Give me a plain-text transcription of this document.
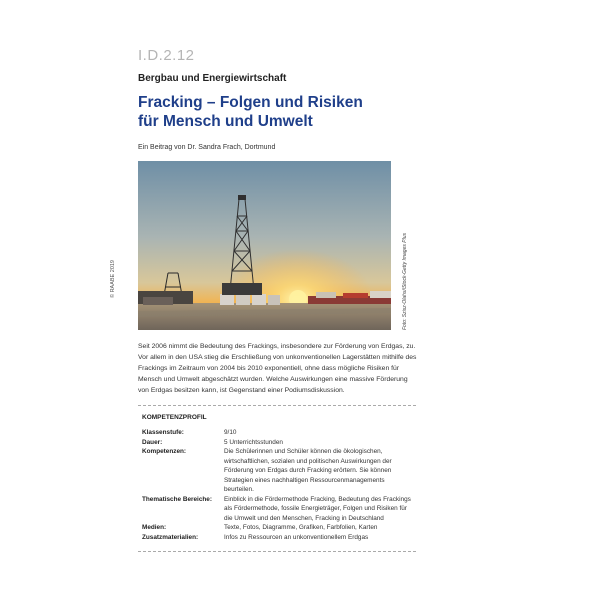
I.D.2.12
Bergbau und Energiewirtschaft
Fracking – Folgen und Risiken
für Mensch und Umwelt
Ein Beitrag von Dr. Sandra Frach, Dortmund
© RAABE 2019	Foto: Szisz-Olahs/iStock-Getty Images Plus
Seit 2006 nimmt die Bedeutung des Frackings, insbesondere zur Förderung von Erdgas, zu. Vor allem in den USA stieg die Erschließung von unkonventionellen Lagerstätten mithilfe des Frackings im Zeitraum von 2004 bis 2010 exponentiell, ohne dass mögliche Risiken für Mensch und Umwelt abgeschätzt wurden. Welche Auswirkungen eine massive Förderung von Erdgas besitzen kann, ist Gegenstand einer Podiumsdiskussion.
KOMPETENZPROFIL
Klassenstufe:	9/10
Dauer:	5 Unterrichtsstunden
Kompetenzen:	Die Schülerinnen und Schüler können die ökologischen, wirtschaftlichen, sozialen und politischen Auswirkungen der Förderung von Erdgas durch Fracking erörtern. Sie können Strategien eines nachhaltigen Ressourcenmanagements beurteilen.
Thematische Bereiche:	Einblick in die Fördermethode Fracking, Bedeutung des Frackings als Fördermethode, fossile Energieträger, Folgen und Risiken für die Umwelt und den Menschen, Fracking in Deutschland
Medien:	Texte, Fotos, Diagramme, Grafiken, Farbfolien, Karten
Zusatzmaterialien:	Infos zu Ressourcen an unkonventionellem Erdgas
